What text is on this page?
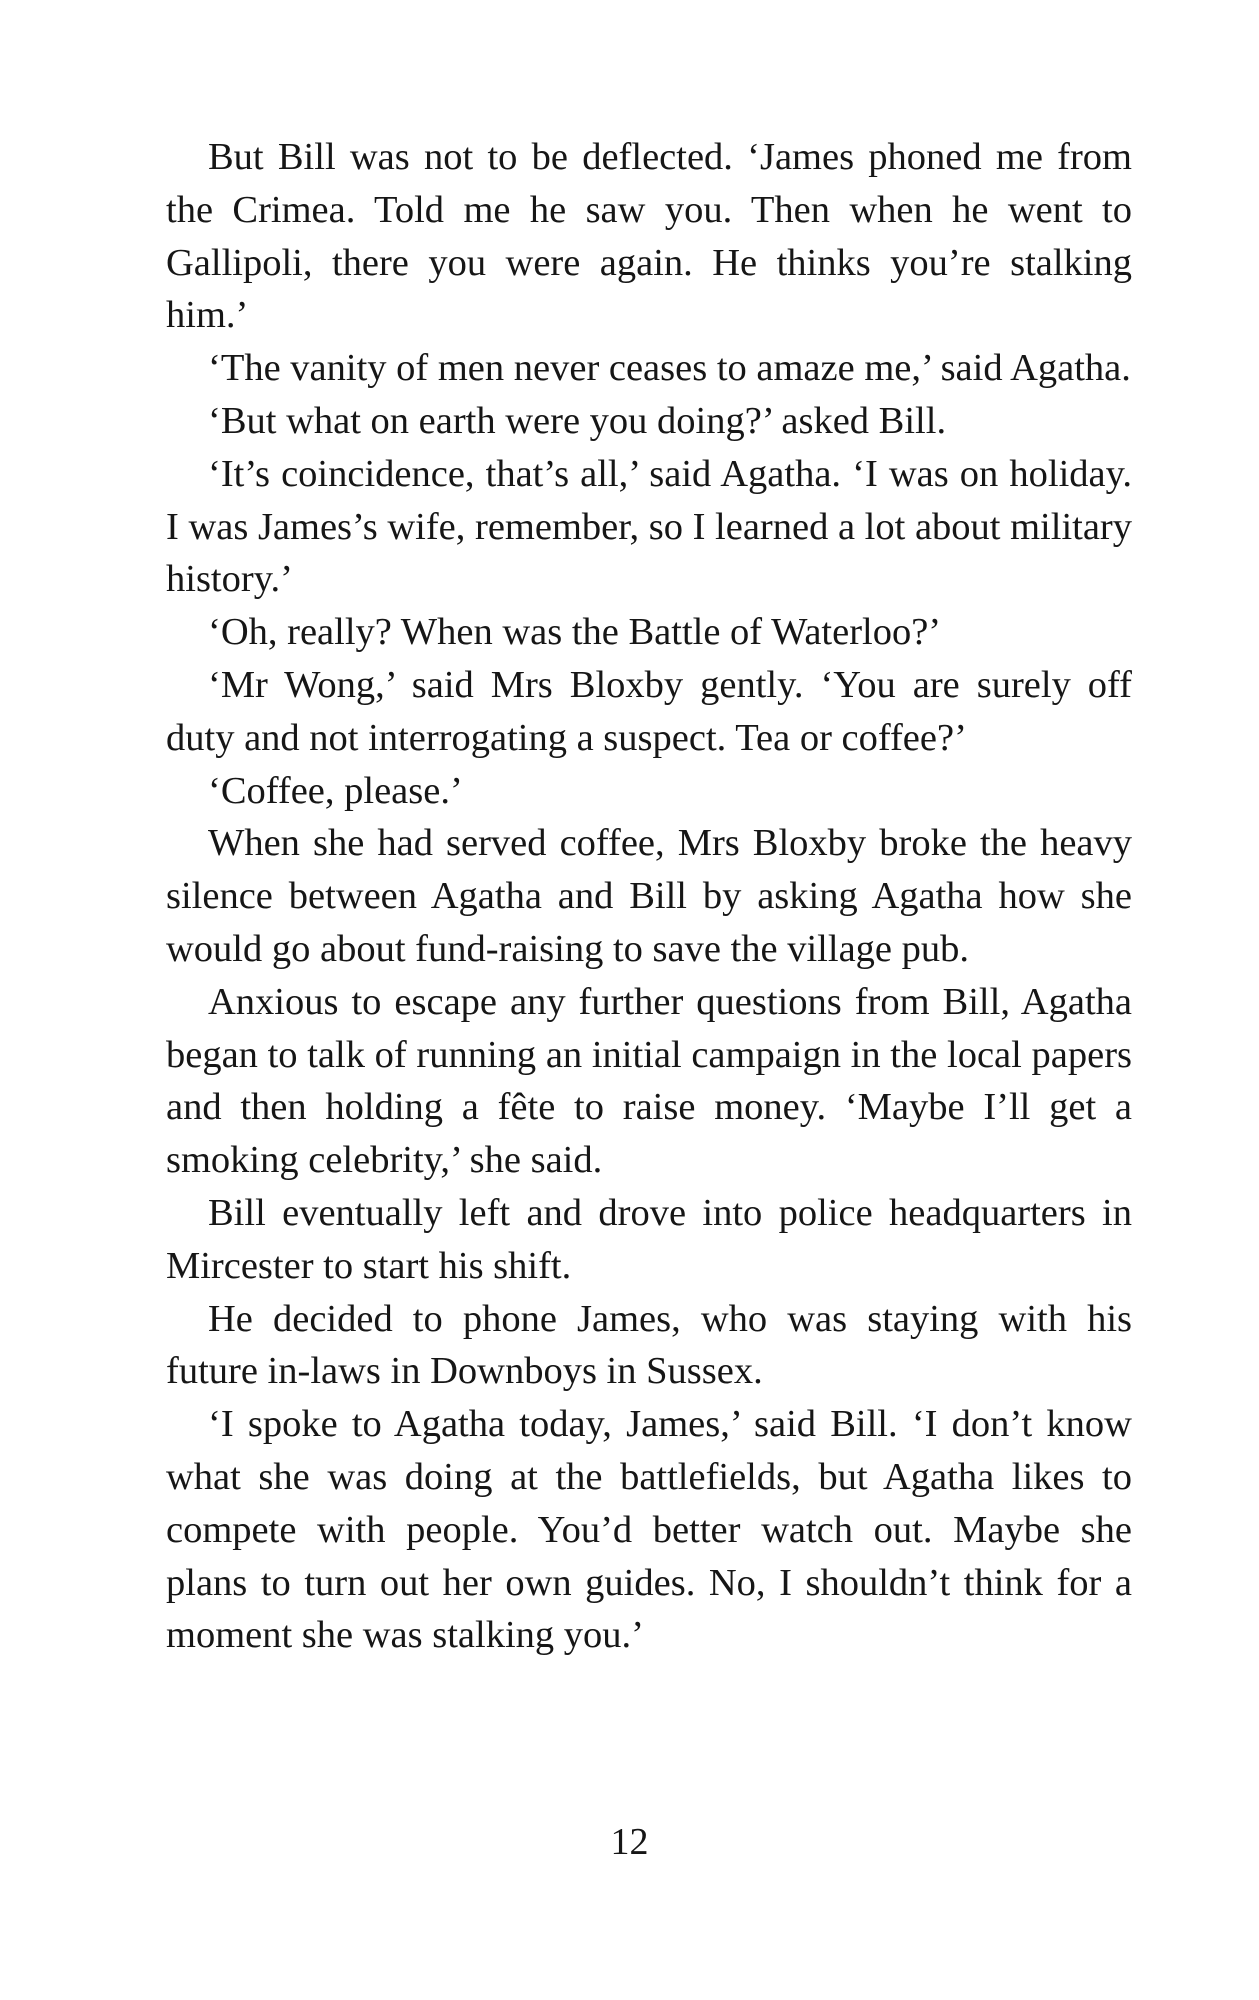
But Bill was not to be deflected. ‘James phoned me from the Crimea. Told me he saw you. Then when he went to Gallipoli, there you were again. He thinks you’re stalking him.’

‘The vanity of men never ceases to amaze me,’ said Agatha.

‘But what on earth were you doing?’ asked Bill.

‘It’s coincidence, that’s all,’ said Agatha. ‘I was on holiday. I was James’s wife, remember, so I learned a lot about military history.’

‘Oh, really? When was the Battle of Waterloo?’

‘Mr Wong,’ said Mrs Bloxby gently. ‘You are surely off duty and not interrogating a suspect. Tea or coffee?’

‘Coffee, please.’

When she had served coffee, Mrs Bloxby broke the heavy silence between Agatha and Bill by asking Agatha how she would go about fund-raising to save the village pub.

Anxious to escape any further questions from Bill, Agatha began to talk of running an initial campaign in the local papers and then holding a fête to raise money. ‘Maybe I’ll get a smoking celebrity,’ she said.

Bill eventually left and drove into police headquarters in Mircester to start his shift.

He decided to phone James, who was staying with his future in-laws in Downboys in Sussex.

‘I spoke to Agatha today, James,’ said Bill. ‘I don’t know what she was doing at the battlefields, but Agatha likes to compete with people. You’d better watch out. Maybe she plans to turn out her own guides. No, I shouldn’t think for a moment she was stalking you.’

12
